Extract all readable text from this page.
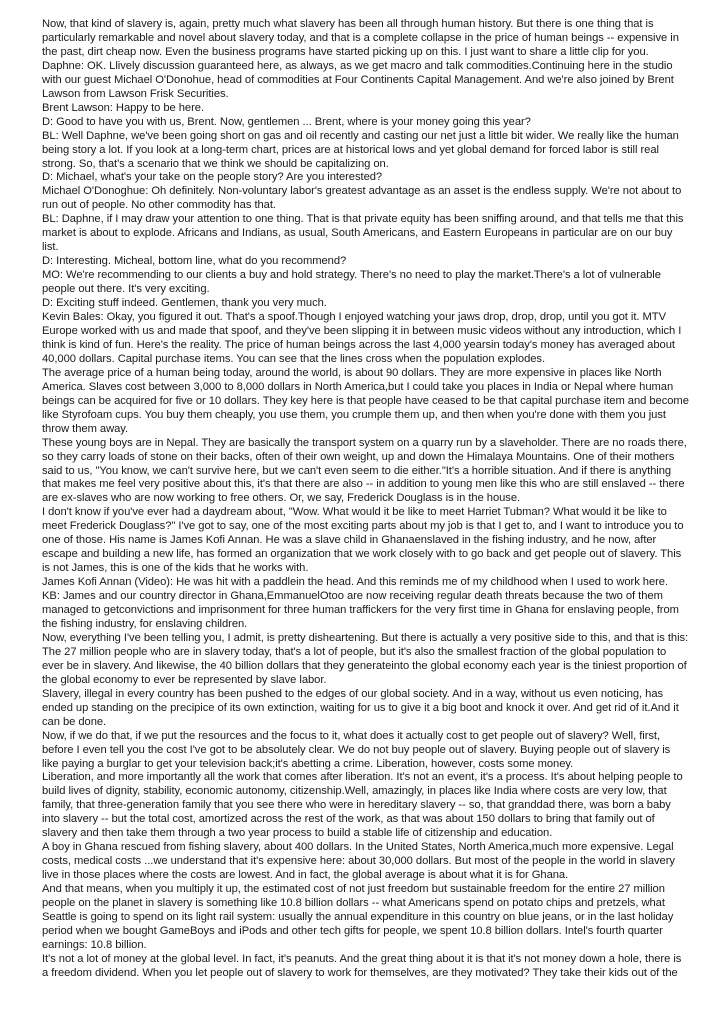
Now, that kind of slavery is, again, pretty much what slavery has been all through human history. But there is one thing that is particularly remarkable and novel about slavery today, and that is a complete collapse in the price of human beings -- expensive in the past, dirt cheap now. Even the business programs have started picking up on this. I just want to share a little clip for you.

Daphne: OK. Llively discussion guaranteed here, as always, as we get macro and talk commodities.Continuing here in the studio with our guest Michael O'Donohue, head of commodities at Four Continents Capital Management. And we're also joined by Brent Lawson from Lawson Frisk Securities.

Brent Lawson: Happy to be here.

D: Good to have you with us, Brent. Now, gentlemen ... Brent, where is your money going this year?

BL: Well Daphne, we've been going short on gas and oil recently and casting our net just a little bit wider. We really like the human being story a lot. If you look at a long-term chart, prices are at historical lows and yet global demand for forced labor is still real strong. So, that's a scenario that we think we should be capitalizing on.

D: Michael, what's your take on the people story? Are you interested?

Michael O'Donoghue: Oh definitely. Non-voluntary labor's greatest advantage as an asset is the endless supply. We're not about to run out of people. No other commodity has that.

BL: Daphne, if I may draw your attention to one thing. That is that private equity has been sniffing around, and that tells me that this market is about to explode. Africans and Indians, as usual, South Americans, and Eastern Europeans in particular are on our buy list.

D: Interesting. Micheal, bottom line, what do you recommend?

MO: We're recommending to our clients a buy and hold strategy. There's no need to play the market.There's a lot of vulnerable people out there. It's very exciting.

D: Exciting stuff indeed. Gentlemen, thank you very much.

Kevin Bales: Okay, you figured it out. That's a spoof.Though I enjoyed watching your jaws drop, drop, drop, until you got it. MTV Europe worked with us and made that spoof, and they've been slipping it in between music videos without any introduction, which I think is kind of fun. Here's the reality. The price of human beings across the last 4,000 yearsin today's money has averaged about 40,000 dollars. Capital purchase items. You can see that the lines cross when the population explodes.

The average price of a human being today, around the world, is about 90 dollars. They are more expensive in places like North America. Slaves cost between 3,000 to 8,000 dollars in North America,but I could take you places in India or Nepal where human beings can be acquired for five or 10 dollars. They key here is that people have ceased to be that capital purchase item and become like Styrofoam cups. You buy them cheaply, you use them, you crumple them up, and then when you're done with them you just throw them away.

These young boys are in Nepal. They are basically the transport system on a quarry run by a slaveholder. There are no roads there, so they carry loads of stone on their backs, often of their own weight, up and down the Himalaya Mountains. One of their mothers said to us, "You know, we can't survive here, but we can't even seem to die either."It's a horrible situation. And if there is anything that makes me feel very positive about this, it's that there are also -- in addition to young men like this who are still enslaved -- there are ex-slaves who are now working to free others. Or, we say, Frederick Douglass is in the house.

I don't know if you've ever had a daydream about, "Wow. What would it be like to meet Harriet Tubman? What would it be like to meet Frederick Douglass?" I've got to say, one of the most exciting parts about my job is that I get to, and I want to introduce you to one of those. His name is James Kofi Annan. He was a slave child in Ghanaenslaved in the fishing industry, and he now, after escape and building a new life, has formed an organization that we work closely with to go back and get people out of slavery. This is not James, this is one of the kids that he works with.

James Kofi Annan (Video): He was hit with a paddlein the head. And this reminds me of my childhood when I used to work here.

KB: James and our country director in Ghana,EmmanuelOtoo are now receiving regular death threats because the two of them managed to getconvictions and imprisonment for three human traffickers for the very first time in Ghana for enslaving people, from the fishing industry, for enslaving children.

Now, everything I've been telling you, I admit, is pretty disheartening. But there is actually a very positive side to this, and that is this: The 27 million people who are in slavery today, that's a lot of people, but it's also the smallest fraction of the global population to ever be in slavery. And likewise, the 40 billion dollars that they generateinto the global economy each year is the tiniest proportion of the global economy to ever be represented by slave labor.

Slavery, illegal in every country has been pushed to the edges of our global society. And in a way, without us even noticing, has ended up standing on the precipice of its own extinction, waiting for us to give it a big boot and knock it over. And get rid of it.And it can be done.

Now, if we do that, if we put the resources and the focus to it, what does it actually cost to get people out of slavery? Well, first, before I even tell you the cost I've got to be absolutely clear. We do not buy people out of slavery. Buying people out of slavery is like paying a burglar to get your television back;it's abetting a crime. Liberation, however, costs some money.

Liberation, and more importantly all the work that comes after liberation. It's not an event, it's a process. It's about helping people to build lives of dignity, stability, economic autonomy, citizenship.Well, amazingly, in places like India where costs are very low, that family, that three-generation family that you see there who were in hereditary slavery -- so, that granddad there, was born a baby into slavery -- but the total cost, amortized across the rest of the work, as that was about 150 dollars to bring that family out of slavery and then take them through a two year process to build a stable life of citizenship and education.

A boy in Ghana rescued from fishing slavery, about 400 dollars. In the United States, North America,much more expensive. Legal costs, medical costs ...we understand that it's expensive here: about 30,000 dollars. But most of the people in the world in slavery live in those places where the costs are lowest. And in fact, the global average is about what it is for Ghana.

And that means, when you multiply it up, the estimated cost of not just freedom but sustainable freedom for the entire 27 million people on the planet in slavery is something like 10.8 billion dollars -- what Americans spend on potato chips and pretzels, what Seattle is going to spend on its light rail system: usually the annual expenditure in this country on blue jeans, or in the last holiday period when we bought GameBoys and iPods and other tech gifts for people, we spent 10.8 billion dollars. Intel's fourth quarter earnings: 10.8 billion.

It's not a lot of money at the global level. In fact, it's peanuts. And the great thing about it is that it's not money down a hole, there is a freedom dividend. When you let people out of slavery to work for themselves, are they motivated? They take their kids out of the
